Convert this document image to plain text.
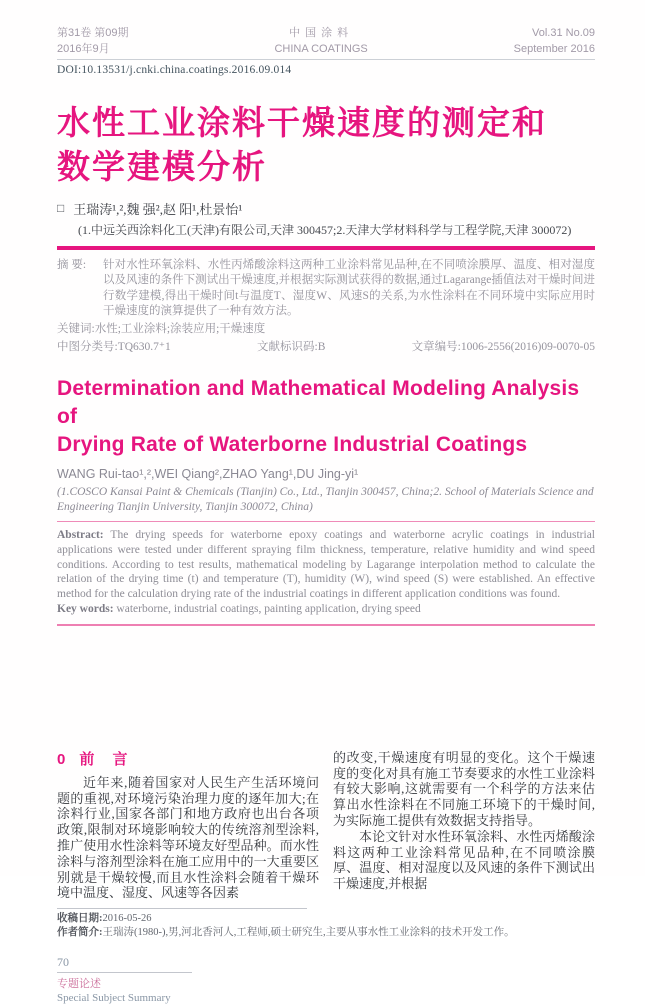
第31卷 第09期
2016年9月
中国涂料
CHINA COATINGS
Vol.31 No.09
September 2016
DOI:10.13531/j.cnki.china.coatings.2016.09.014
水性工业涂料干燥速度的测定和
数学建模分析
□ 王瑞涛¹,²,魏 强²,赵 阳¹,杜景怡¹
(1.中远关西涂料化工(天津)有限公司,天津 300457;2.天津大学材料科学与工程学院,天津 300072)
摘 要:	针对水性环氧涂料、水性丙烯酸涂料这两种工业涂料常见品种,在不同喷涂膜厚、温度、相对湿度以及风速的条件下测试出干燥速度,并根据实际测试获得的数据,通过Lagarange插值法对干燥时间进行数学建模,得出干燥时间t与温度T、湿度W、风速S的关系,为水性涂料在不同环境中实际应用时干燥速度的演算提供了一种有效方法。
关键词:水性;工业涂料;涂装应用;干燥速度
中图分类号:TQ630.7⁺1	文献标识码:B	文章编号:1006-2556(2016)09-0070-05
Determination and Mathematical Modeling Analysis of
Drying Rate of Waterborne Industrial Coatings
WANG Rui-tao¹,²,WEI Qiang²,ZHAO Yang¹,DU Jing-yi¹
(1.COSCO Kansai Paint & Chemicals (Tianjin) Co., Ltd., Tianjin 300457, China;2. School of Materials Science and Engineering Tianjin University, Tianjin 300072, China)
Abstract: The drying speeds for waterborne epoxy coatings and waterborne acrylic coatings in industrial applications were tested under different spraying film thickness, temperature, relative humidity and wind speed conditions. According to test results, mathematical modeling by Lagarange interpolation method to calculate the relation of the drying time (t) and temperature (T), humidity (W), wind speed (S) were established. An effective method for the calculation drying rate of the industrial coatings in different application conditions was found.
Key words: waterborne, industrial coatings, painting application, drying speed
0 前 言

近年来,随着国家对人民生产生活环境问题的重视,对环境污染治理力度的逐年加大;在涂料行业,国家各部门和地方政府也出台各项政策,限制对环境影响较大的传统溶剂型涂料,推广使用水性涂料等环境友好型品种。而水性涂料与溶剂型涂料在施工应用中的一大重要区别就是干燥较慢,而且水性涂料会随着干燥环境中温度、湿度、风速等各因素

的改变,干燥速度有明显的变化。这个干燥速度的变化对具有施工节奏要求的水性工业涂料有较大影响,这就需要有一个科学的方法来估算出水性涂料在不同施工环境下的干燥时间,为实际施工提供有效数据支持指导。

本论文针对水性环氧涂料、水性丙烯酸涂料这两种工业涂料常见品种,在不同喷涂膜厚、温度、相对湿度以及风速的条件下测试出干燥速度,并根据

收稿日期:2016-05-26
作者简介:王瑞涛(1980-),男,河北香河人,工程师,硕士研究生,主要从事水性工业涂料的技术开发工作。
70
专题论述
Special Subject Summary
